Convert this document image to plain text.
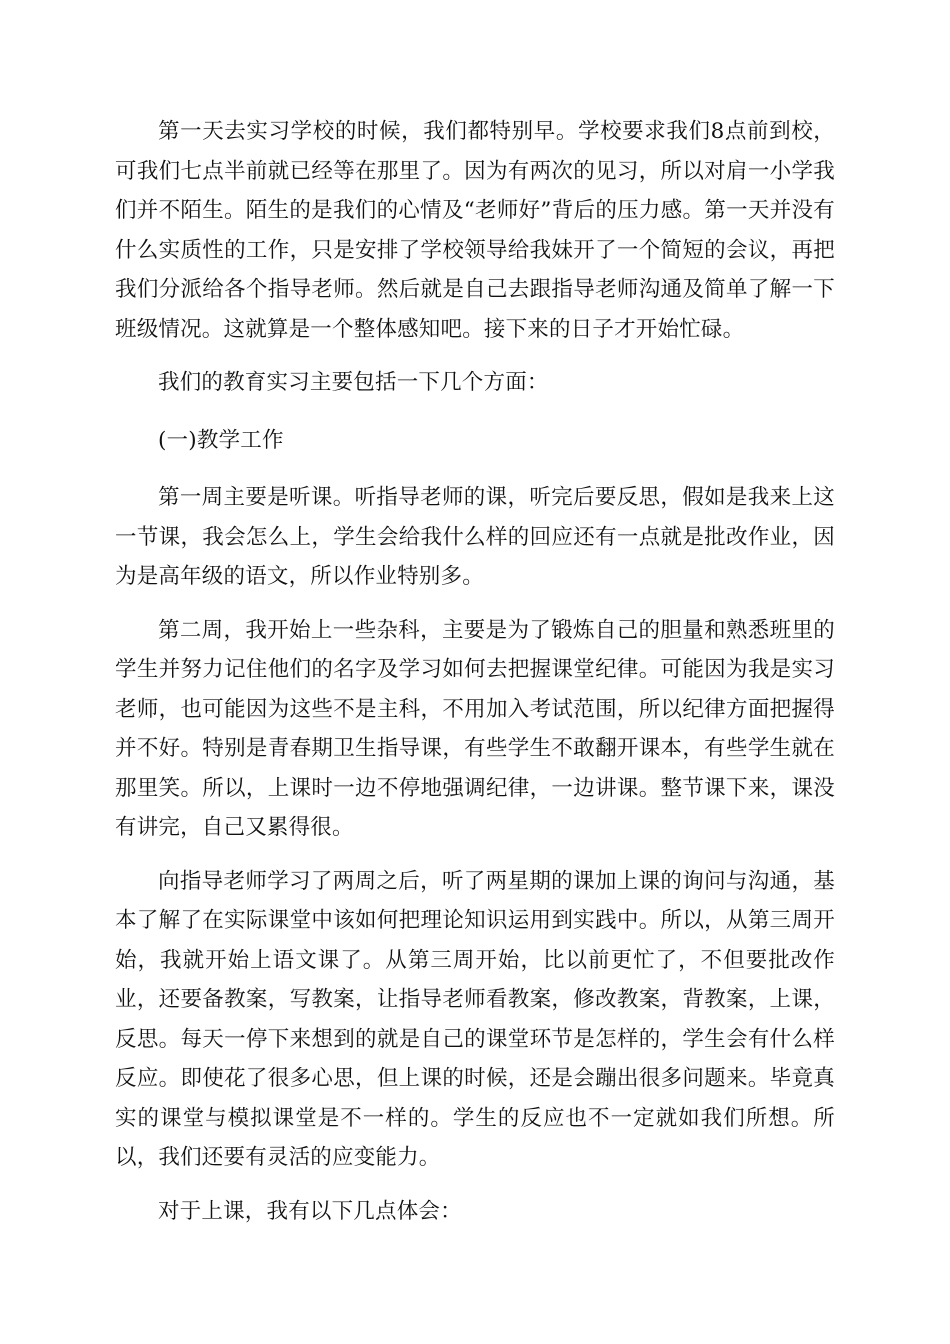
第一天去实习学校的时候，我们都特别早。学校要求我们8点前到校，可我们七点半前就已经等在那里了。因为有两次的见习，所以对肩一小学我们并不陌生。陌生的是我们的心情及“老师好”背后的压力感。第一天并没有什么实质性的工作，只是安排了学校领导给我妹开了一个简短的会议，再把我们分派给各个指导老师。然后就是自己去跟指导老师沟通及简单了解一下班级情况。这就算是一个整体感知吧。接下来的日子才开始忙碌。

我们的教育实习主要包括一下几个方面：

(一)教学工作

第一周主要是听课。听指导老师的课，听完后要反思，假如是我来上这一节课，我会怎么上，学生会给我什么样的回应还有一点就是批改作业，因为是高年级的语文，所以作业特别多。

第二周，我开始上一些杂科，主要是为了锻炼自己的胆量和熟悉班里的学生并努力记住他们的名字及学习如何去把握课堂纪律。可能因为我是实习老师，也可能因为这些不是主科，不用加入考试范围，所以纪律方面把握得并不好。特别是青春期卫生指导课，有些学生不敢翻开课本，有些学生就在那里笑。所以，上课时一边不停地强调纪律，一边讲课。整节课下来，课没有讲完，自己又累得很。

向指导老师学习了两周之后，听了两星期的课加上课的询问与沟通，基本了解了在实际课堂中该如何把理论知识运用到实践中。所以，从第三周开始，我就开始上语文课了。从第三周开始，比以前更忙了，不但要批改作业，还要备教案，写教案，让指导老师看教案，修改教案，背教案，上课，反思。每天一停下来想到的就是自己的课堂环节是怎样的，学生会有什么样反应。即使花了很多心思，但上课的时候，还是会蹦出很多问题来。毕竟真实的课堂与模拟课堂是不一样的。学生的反应也不一定就如我们所想。所以，我们还要有灵活的应变能力。

对于上课，我有以下几点体会：
